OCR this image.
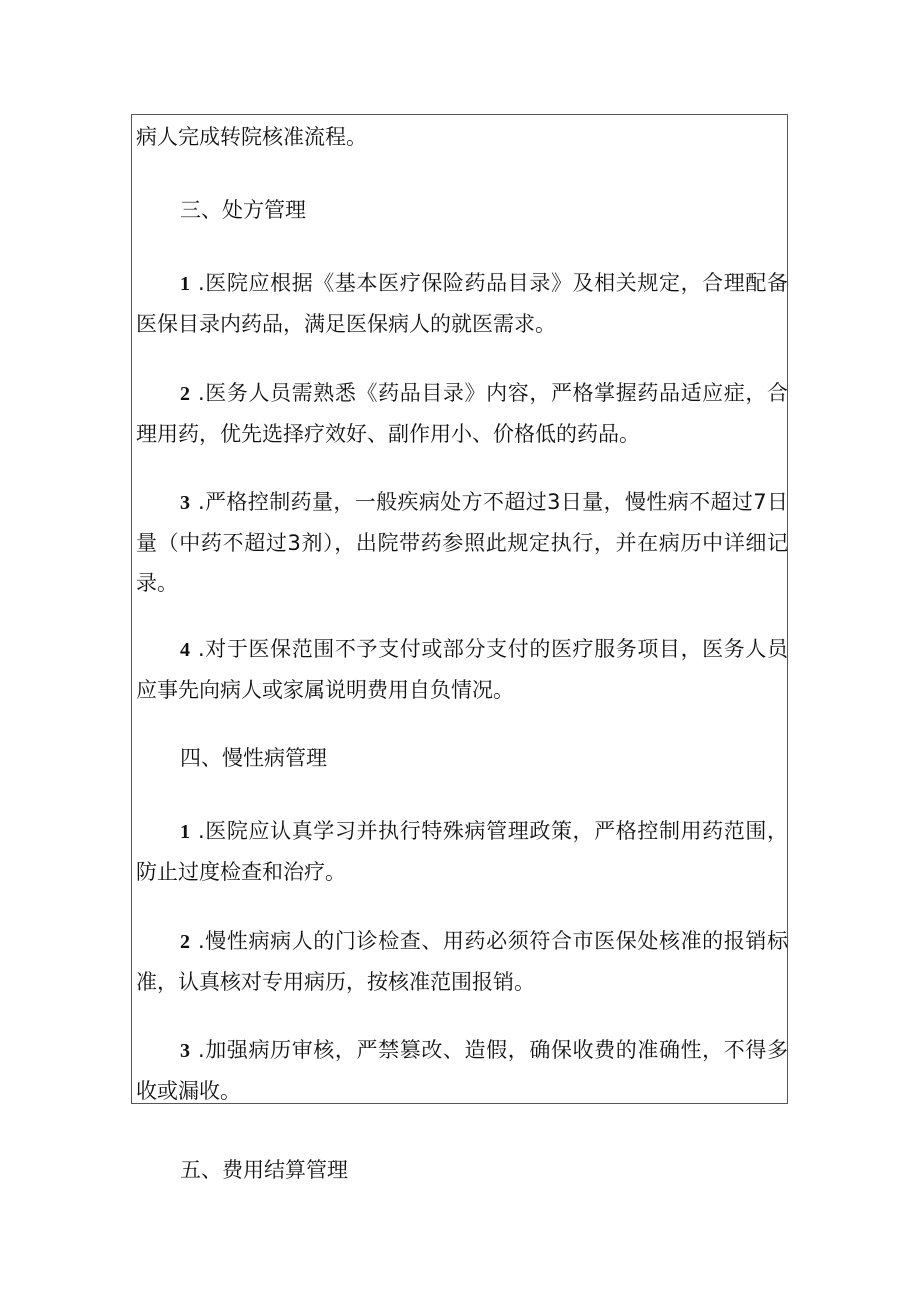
病人完成转院核准流程。

三、处方管理

1 .医院应根据《基本医疗保险药品目录》及相关规定，合理配备医保目录内药品，满足医保病人的就医需求。

2 .医务人员需熟悉《药品目录》内容，严格掌握药品适应症，合理用药，优先选择疗效好、副作用小、价格低的药品。

3 .严格控制药量，一般疾病处方不超过3日量，慢性病不超过7日量（中药不超过3剂），出院带药参照此规定执行，并在病历中详细记录。

4 .对于医保范围不予支付或部分支付的医疗服务项目，医务人员应事先向病人或家属说明费用自负情况。

四、慢性病管理

1 .医院应认真学习并执行特殊病管理政策，严格控制用药范围，防止过度检查和治疗。

2 .慢性病病人的门诊检查、用药必须符合市医保处核准的报销标准，认真核对专用病历，按核准范围报销。

3 .加强病历审核，严禁篡改、造假，确保收费的准确性，不得多收或漏收。

五、费用结算管理
